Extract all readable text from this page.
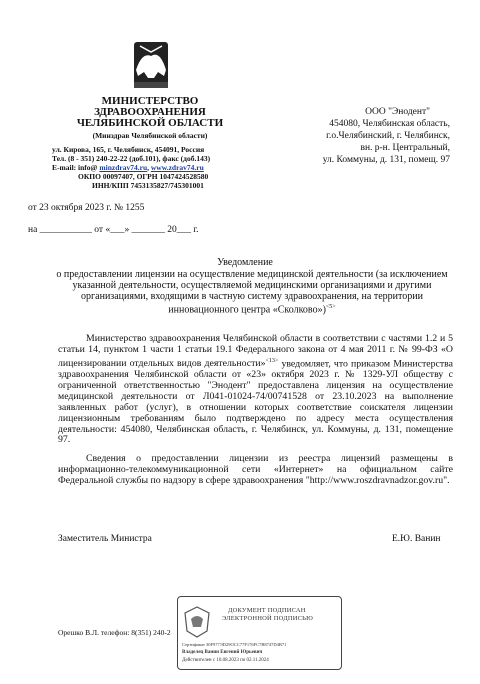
МИНИСТЕРСТВО
ЗДРАВООХРАНЕНИЯ
ЧЕЛЯБИНСКОЙ ОБЛАСТИ
(Минздрав Челябинской области)
ул. Кирова, 165, г. Челябинск, 454091, Россия
Тел. (8 - 351) 240-22-22 (доб.101), факс (доб.143)
E-mail: info@ minzdrav74.ru, www.zdrav74.ru
ОКПО 00097407, ОГРН 1047424528580
ИНН/КПП 7453135827/745301001
ООО "Энодент"
454080, Челябинская область,
г.о.Челябинский, г. Челябинск,
вн. р-н. Центральный,
ул. Коммуны, д. 131, помещ. 97
от 23 октября 2023 г. № 1255
на ___________ от «___» _______ 20___ г.
Уведомление
о предоставлении лицензии на осуществление медицинской деятельности (за исключением указанной деятельности, осуществляемой медицинскими организациями и другими организациями, входящими в частную систему здравоохранения, на территории инновационного центра «Сколково»)$^{<5>}$
Министерство здравоохранения Челябинской области в соответствии с частями 1.2 и 5 статьи 14, пунктом 1 части 1 статьи 19.1 Федерального закона от 4 мая 2011 г. № 99-ФЗ «О лицензировании отдельных видов деятельности»$^{<13>}$ уведомляет, что приказом Министерства здравоохранения Челябинской области от «23» октября 2023 г. № 1329-УЛ обществу с ограниченной ответственностью "Эноден​т" предоставлена лицензия на осуществление медицинской деятельности от Л041-01024-74/00741528 от 23.10.2023 на выполнение заявленных работ (услуг), в отношении которых соответствие соискателя лицензии лицензионным требованиям было подтверждено по адресу места осуществления деятельности: 454080, Челябинская область, г. Челябинск, ул. Коммуны, д. 131, помещение 97.
Сведения о предоставлении лицензии из реестра лицензий размещены в информационно-телекоммуникационной сети «Интернет» на официальном сайте Федеральной службы по надзору в сфере здравоохранения "http://www.roszdravnadzor.gov.ru".
Заместитель Министра	Е.Ю. Ванин
Орешко В.Л. телефон: 8(351) 240-2
ДОКУМЕНТ ПОДПИСАН
ЭЛЕКТРОННОЙ ПОДПИСЬЮ
Сертификат 30F977ЭD29ОСС77F176FC7B8747D4B71
Владелец Ванин Евгений Юрьевич
Действителен с 10.08.2023 по 02.11.2024
